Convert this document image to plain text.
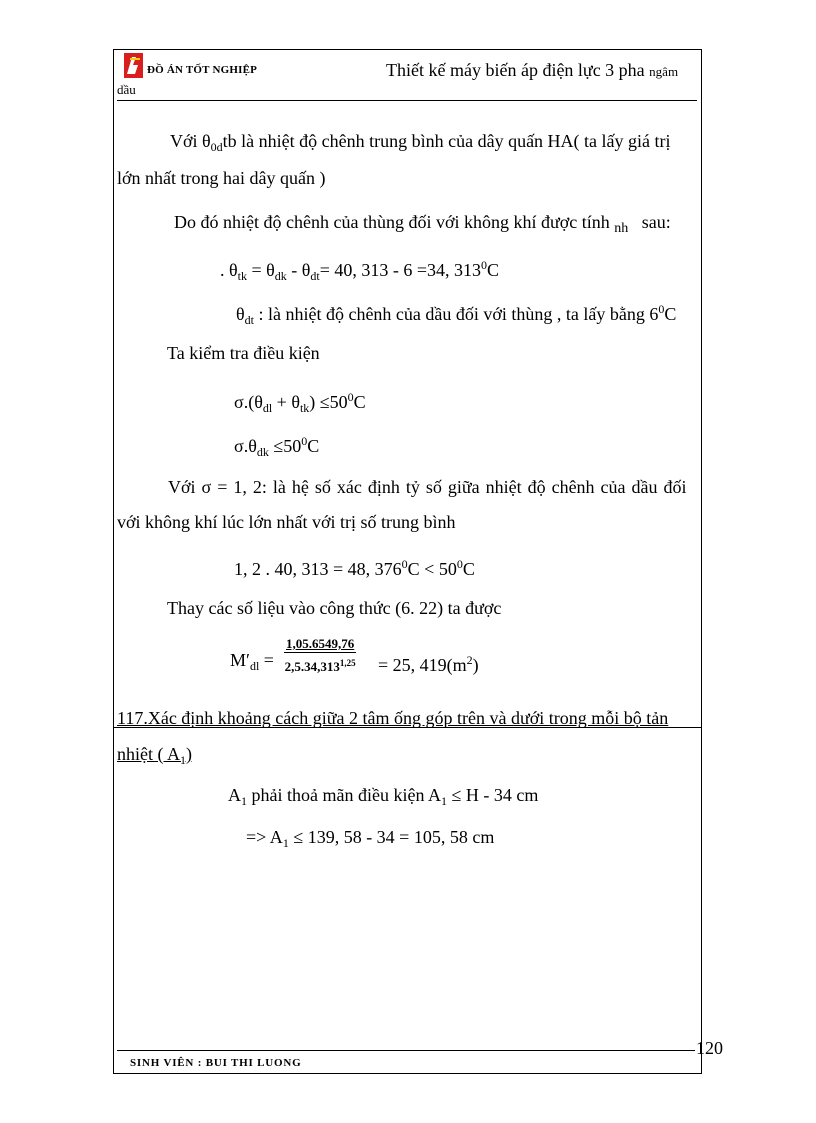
ĐỒ ÁN TỐT NGHIỆP	Thiết kế máy biến áp điện lực 3 pha ngâm
dầu
Với $\theta_{0d}tb$ là nhiệt độ chênh trung bình của dây quấn HA( ta lấy giá trị
lớn nhất trong hai dây quấn )
Do đó nhiệt độ chênh của thùng đối với không khí được tính $_{nh}$ sau:
. $\theta_{tk} = \theta_{dk} - \theta_{dt}= 40$, 313 - 6 =34, $313^0C$
$\theta_{dt}$ : là nhiệt độ chênh của dầu đối với thùng , ta lấy bằng $6^0C$
Ta kiểm tra điều kiện
$\sigma.(\theta_{dl} + \theta_{tk}) \le 50^0C$
$\sigma.\theta_{dk} \le 50^0C$
Với σ = 1, 2: là hệ số xác định tỷ số giữa nhiệt độ chênh của dầu đối
với không khí lúc lớn nhất với trị số trung bình
1, 2 . 40, 313 = 48, $376^0C < 50^0C$
Thay các số liệu vào công thức (6. 22) ta được
$M'_{dl} = \frac{1,05.6549,76}{2,5.34,313^{1,25}} = 25$, $419(m^2)$
117.Xác định khoảng cách giữa 2 tâm ống góp trên và dưới trong mỗi bộ tản
nhiệt ( $A_1$)
$A_1$ phải thoả mãn điều kiện $A_1 \le H - 34$ cm
=> $A_1 \le 139$, 58 - 34 = 105, 58 cm
SINH VIÊN : BUI THI LUONG
120
